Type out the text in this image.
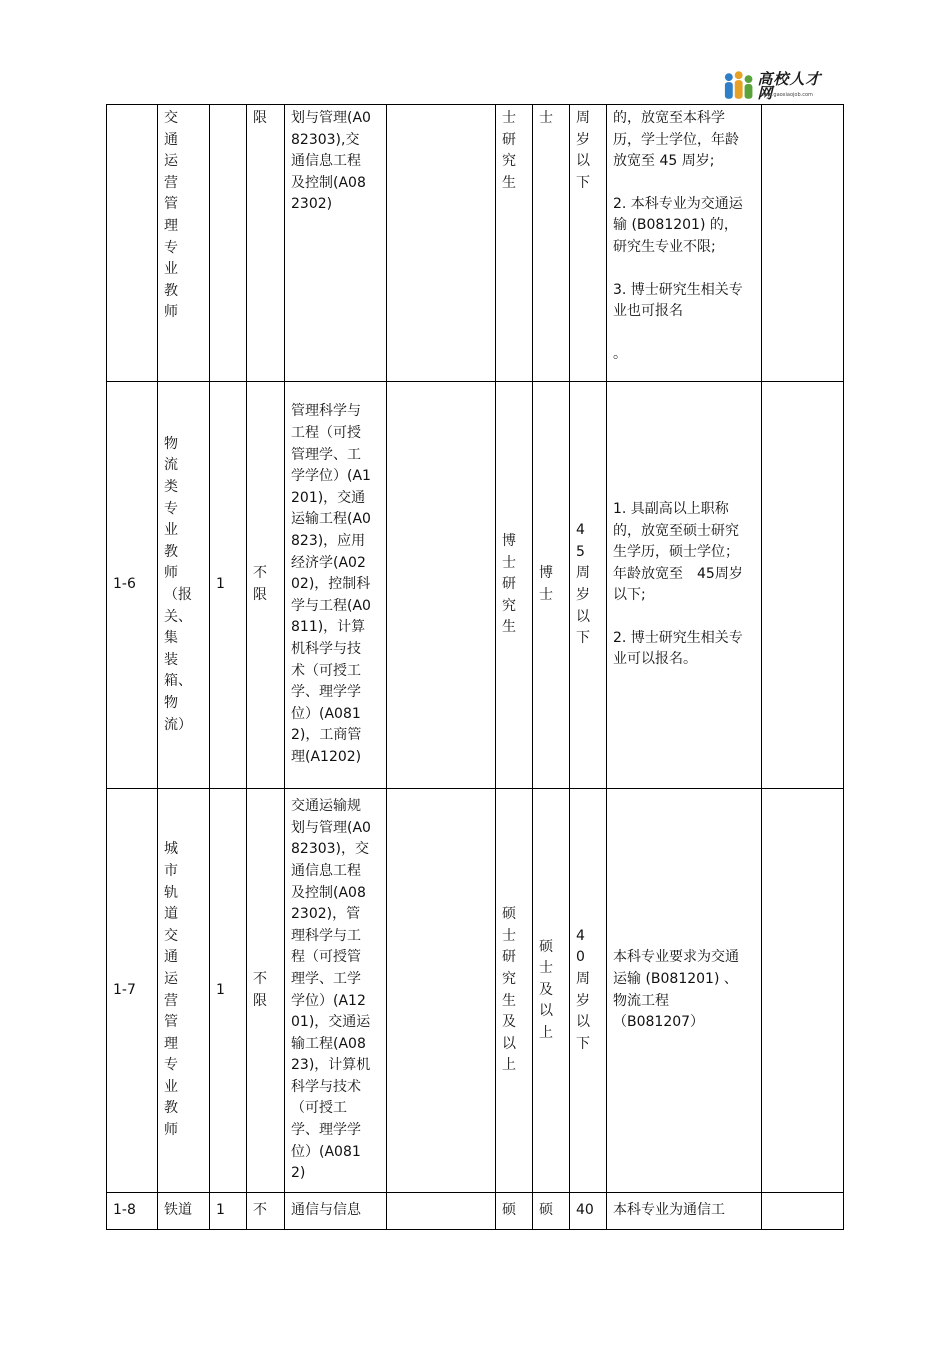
高校人才网
www.gaoxiaojob.com

	交通运营管理专业教师		限	划与管理(A082303),交通信息工程及控制(A082302)		士研究生	士	周岁以下	的，放宽至本科学历，学士学位，年龄放宽至 45 周岁;

2. 本科专业为交通运输 (B081201) 的，研究生专业不限;

3. 博士研究生相关专业也可报名

。	

1-6	物流类专业教师（报关、集装箱、物流）	1	不限	管理科学与工程（可授管理学、工学学位）(A1201)，交通运输工程(A0823)，应用经济学(A0202)，控制科学与工程(A0811)，计算机科学与技术（可授工学、理学学位）(A0812)，工商管理(A1202)		博士研究生	博士	45周岁以下	1. 具副高以上职称的，放宽至硕士研究生学历，硕士学位；年龄放宽至　45周岁以下;

2. 博士研究生相关专业可以报名。	

1-7	城市轨道交通运营管理专业教师	1	不限	交通运输规划与管理(A082303)，交通信息工程及控制(A082302)，管理科学与工程（可授管理学、工学学位）(A1201)，交通运输工程(A0823)，计算机科学与技术（可授工学、理学学位）(A0812)		硕士研究生及以上	硕士及以上	40周岁以下	本科专业要求为交通运输 (B081201) 、物流工程　（B081207）	

1-8	铁道	1	不	通信与信息		硕	硕	40	本科专业为通信工	
